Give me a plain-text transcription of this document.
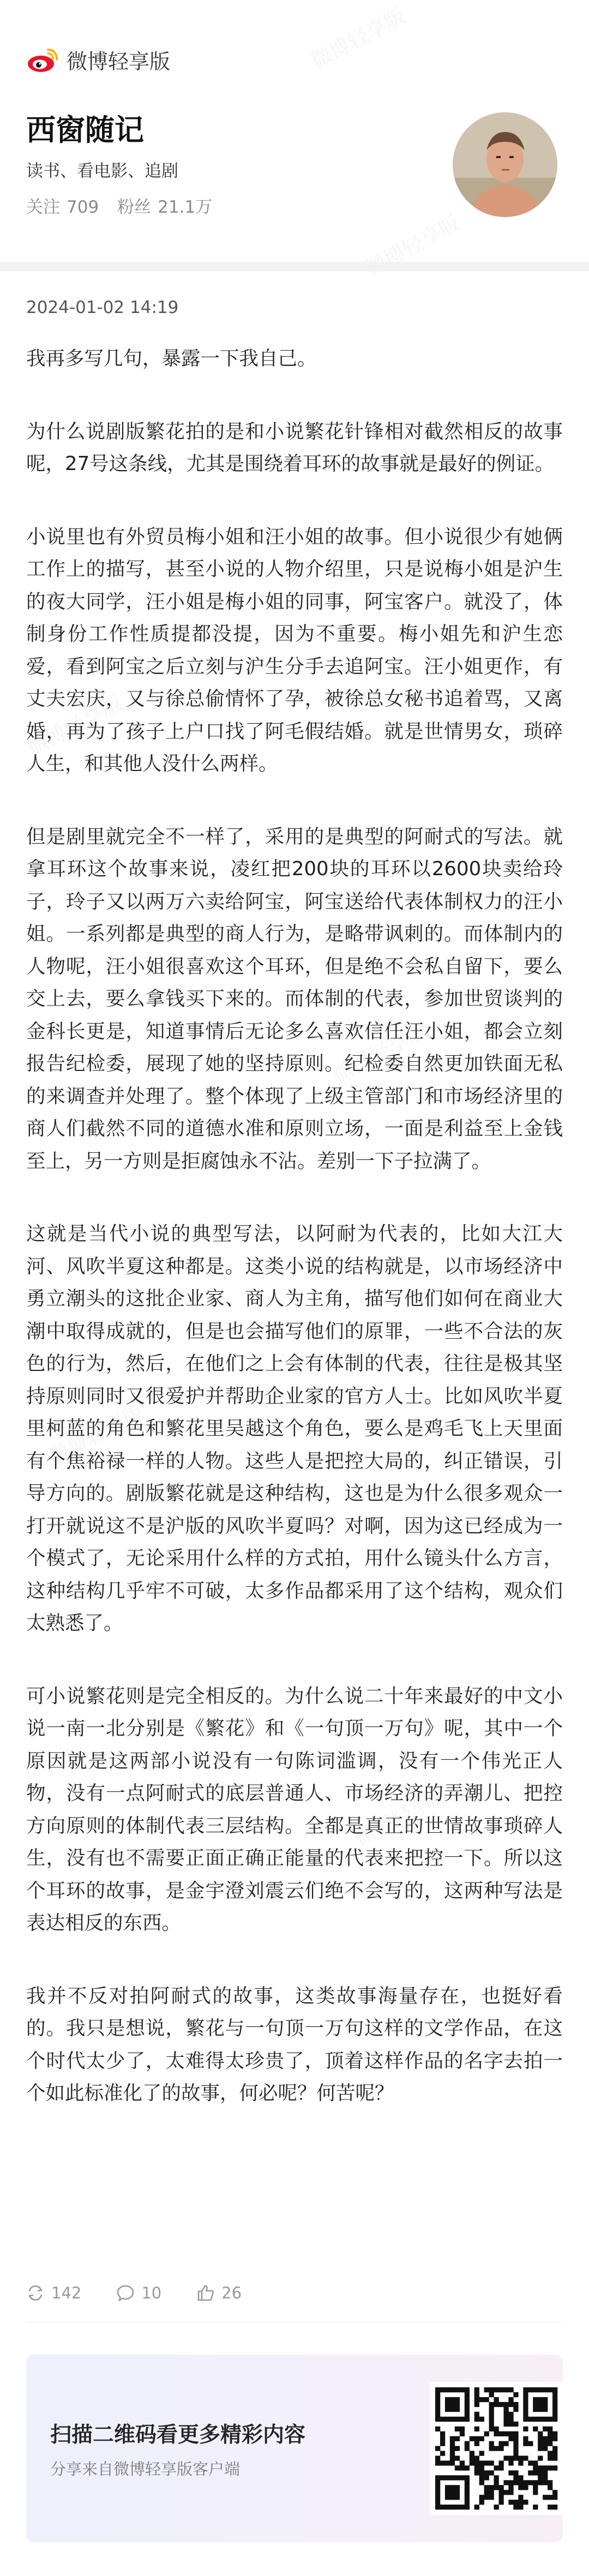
微博轻享版
西窗随记
读书、看电影、追剧
关注 709 粉丝 21.1万
2024-01-02 14:19

我再多写几句，暴露一下我自己。

为什么说剧版繁花拍的是和小说繁花针锋相对截然相反的故事呢，27号这条线，尤其是围绕着耳环的故事就是最好的例证。

小说里也有外贸员梅小姐和汪小姐的故事。但小说很少有她俩工作上的描写，甚至小说的人物介绍里，只是说梅小姐是沪生的夜大同学，汪小姐是梅小姐的同事，阿宝客户。就没了，体制身份工作性质提都没提，因为不重要。梅小姐先和沪生恋爱，看到阿宝之后立刻与沪生分手去追阿宝。汪小姐更作，有丈夫宏庆，又与徐总偷情怀了孕，被徐总女秘书追着骂，又离婚，再为了孩子上户口找了阿毛假结婚。就是世情男女，琐碎人生，和其他人没什么两样。

但是剧里就完全不一样了，采用的是典型的阿耐式的写法。就拿耳环这个故事来说，凌红把200块的耳环以2600块卖给玲子，玲子又以两万六卖给阿宝，阿宝送给代表体制权力的汪小姐。一系列都是典型的商人行为，是略带讽刺的。而体制内的人物呢，汪小姐很喜欢这个耳环，但是绝不会私自留下，要么交上去，要么拿钱买下来的。而体制的代表，参加世贸谈判的金科长更是，知道事情后无论多么喜欢信任汪小姐，都会立刻报告纪检委，展现了她的坚持原则。纪检委自然更加铁面无私的来调查并处理了。整个体现了上级主管部门和市场经济里的商人们截然不同的道德水准和原则立场，一面是利益至上金钱至上，另一方则是拒腐蚀永不沾。差别一下子拉满了。

这就是当代小说的典型写法，以阿耐为代表的，比如大江大河、风吹半夏这种都是。这类小说的结构就是，以市场经济中勇立潮头的这批企业家、商人为主角，描写他们如何在商业大潮中取得成就的，但是也会描写他们的原罪，一些不合法的灰色的行为，然后，在他们之上会有体制的代表，往往是极其坚持原则同时又很爱护并帮助企业家的官方人士。比如风吹半夏里柯蓝的角色和繁花里吴越这个角色，要么是鸡毛飞上天里面有个焦裕禄一样的人物。这些人是把控大局的，纠正错误，引导方向的。剧版繁花就是这种结构，这也是为什么很多观众一打开就说这不是沪版的风吹半夏吗？对啊，因为这已经成为一个模式了，无论采用什么样的方式拍，用什么镜头什么方言，这种结构几乎牢不可破，太多作品都采用了这个结构，观众们太熟悉了。

可小说繁花则是完全相反的。为什么说二十年来最好的中文小说一南一北分别是《繁花》和《一句顶一万句》呢，其中一个原因就是这两部小说没有一句陈词滥调，没有一个伟光正人物，没有一点阿耐式的底层普通人、市场经济的弄潮儿、把控方向原则的体制代表三层结构。全都是真正的世情故事琐碎人生，没有也不需要正面正确正能量的代表来把控一下。所以这个耳环的故事，是金宇澄刘震云们绝不会写的，这两种写法是表达相反的东西。

我并不反对拍阿耐式的故事，这类故事海量存在，也挺好看的。我只是想说，繁花与一句顶一万句这样的文学作品，在这个时代太少了，太难得太珍贵了，顶着这样作品的名字去拍一个如此标准化了的故事，何必呢？何苦呢？

142	10	26
扫描二维码看更多精彩内容
分享来自微博轻享版客户端
